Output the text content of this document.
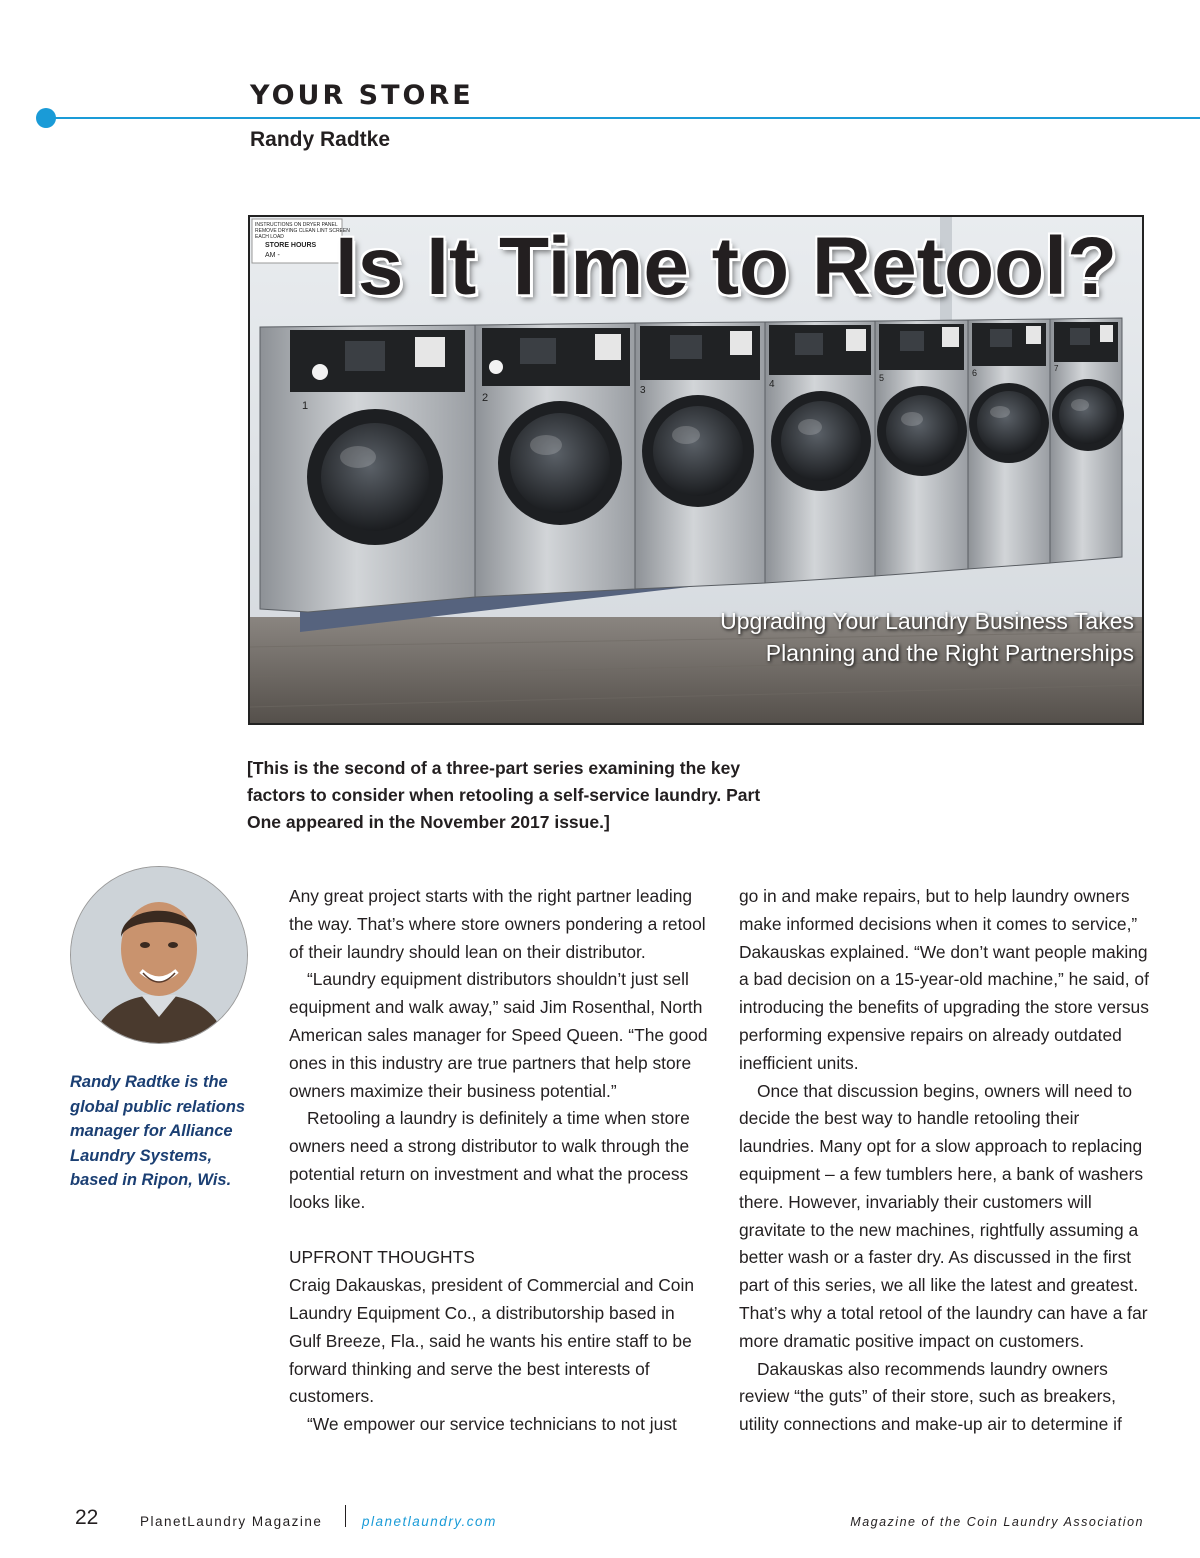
YOUR STORE
Randy Radtke
INSTRUCTIONS ON DRYER PANEL
REMOVE DRYING CLEAN LINT SCREEN
EACH LOAD
STORE HOURS
AM -
1
2
3
4
5	6	7
Is It Time to Retool?
Upgrading Your Laundry Business Takes Planning and the Right Partnerships
[This is the second of a three-part series examining the key factors to consider when retooling a self-service laundry. Part One appeared in the November 2017 issue.]
Randy Radtke is the global public relations manager for Alliance Laundry Systems, based in Ripon, Wis.

Any great project starts with the right partner leading the way. That’s where store owners pondering a retool of their laundry should lean on their distributor.

“Laundry equipment distributors shouldn’t just sell equipment and walk away,” said Jim Rosenthal, North American sales manager for Speed Queen. “The good ones in this industry are true partners that help store owners maximize their business potential.”

Retooling a laundry is definitely a time when store owners need a strong distributor to walk through the potential return on investment and what the process looks like.

UPFRONT THOUGHTS

Craig Dakauskas, president of Commercial and Coin Laundry Equipment Co., a distributorship based in Gulf Breeze, Fla., said he wants his entire staff to be forward thinking and serve the best interests of customers.

“We empower our service technicians to not just

go in and make repairs, but to help laundry owners make informed decisions when it comes to service,” Dakauskas explained. “We don’t want people making a bad decision on a 15-year-old machine,” he said, of introducing the benefits of upgrading the store versus performing expensive repairs on already outdated inefficient units.

Once that discussion begins, owners will need to decide the best way to handle retooling their laundries. Many opt for a slow approach to replacing equipment – a few tumblers here, a bank of washers there. However, invariably their customers will gravitate to the new machines, rightfully assuming a better wash or a faster dry. As discussed in the first part of this series, we all like the latest and greatest. That’s why a total retool of the laundry can have a far more dramatic positive impact on customers.

Dakauskas also recommends laundry owners review “the guts” of their store, such as breakers, utility connections and make-up air to determine if

22	PlanetLaundry Magazine	planetlaundry.com	Magazine of the Coin Laundry Association
